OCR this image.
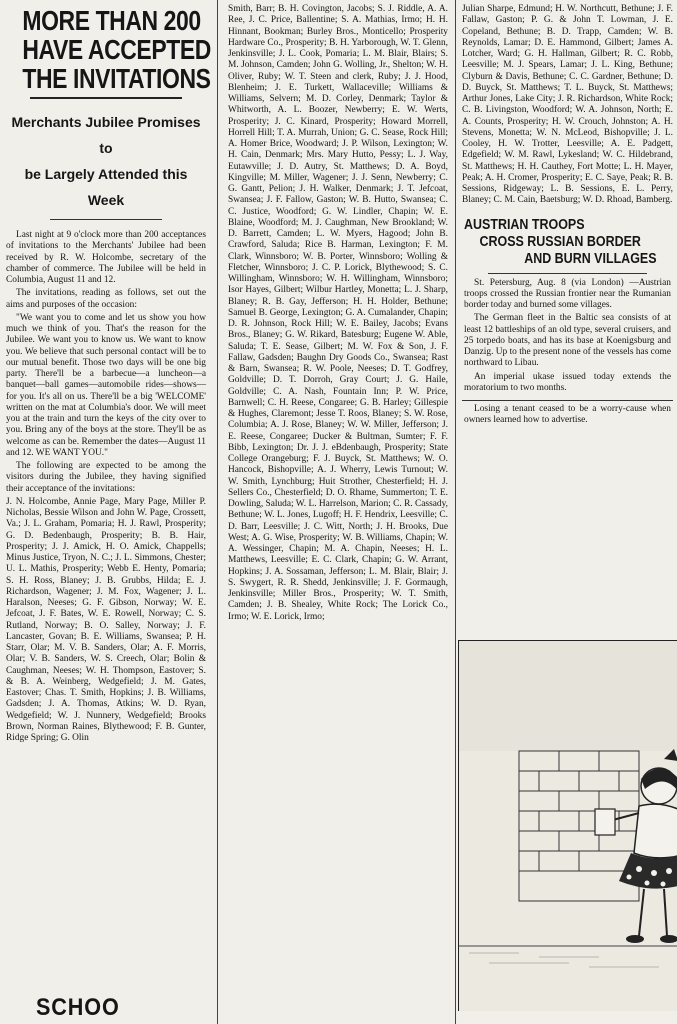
MORE THAN 200
HAVE ACCEPTED
THE INVITATIONS
Merchants Jubilee Promises to
be Largely Attended this
Week

Last night at 9 o'clock more than 200 acceptances of invitations to the Merchants' Jubilee had been received by R. W. Holcombe, secretary of the chamber of commerce. The Jubilee will be held in Columbia, August 11 and 12.

The invitations, reading as follows, set out the aims and purposes of the occasion:

"We want you to come and let us show you how much we think of you. That's the reason for the Jubilee. We want you to know us. We want to know you. We believe that such personal contact will be to our mutual benefit. Those two days will be one big party. There'll be a barbecue—a luncheon—a banquet—ball games—automobile rides—shows—for you. It's all on us. There'll be a big 'WELCOME' written on the mat at Columbia's door. We will meet you at the train and turn the keys of the city over to you. Bring any of the boys at the store. They'll be as welcome as can be. Remember the dates—August 11 and 12. WE WANT YOU."

The following are expected to be among the visitors during the Jubilee, they having signified their acceptance of the invitations:

J. N. Holcombe, Annie Page, Mary Page, Miller P. Nicholas, Bessie Wilson and John W. Page, Crossett, Va.; J. L. Graham, Pomaria; H. J. Rawl, Prosperity; G. D. Bedenbaugh, Prosperity; B. B. Hair, Prosperity; J. J. Amick, H. O. Amick, Chappells; Minus Justice, Tryon, N. C.; J. L. Simmons, Chester; U. L. Mathis, Prosperity; Webb E. Henty, Pomaria; S. H. Ross, Blaney; J. B. Grubbs, Hilda; E. J. Richardson, Wagener; J. M. Fox, Wagener; J. L. Haralson, Neeses; G. F. Gibson, Norway; W. E. Jefcoat, J. F. Bates, W. E. Rowell, Norway; C. S. Rutland, Norway; B. O. Salley, Norway; J. F. Lancaster, Govan; B. E. Williams, Swansea; P. H. Starr, Olar; M. V. B. Sanders, Olar; A. F. Morris, Olar; V. B. Sanders, W. S. Creech, Olar; Bolin & Caughman, Neeses; W. H. Thompson, Eastover; S. & B. A. Weinberg, Wedgefield; J. M. Gates, Eastover; Chas. T. Smith, Hopkins; J. B. Williams, Gadsden; J. A. Thomas, Atkins; W. D. Ryan, Wedgefield; W. J. Nunnery, Wedgefield; Brooks Brown, Norman Raines, Blythewood; F. B. Gunter, Ridge Spring; G. Olin

Smith, Barr; B. H. Covington, Jacobs; S. J. Riddle, A. A. Ree, J. C. Price, Ballentine; S. A. Mathias, Irmo; H. H. Hinnant, Bookman; Burley Bros., Monticello; Prosperity Hardware Co., Prosperity; B. H. Yarborough, W. T. Glenn, Jenkinsville; J. L. Cook, Pomaria; L. M. Blair, Blairs; S. M. Johnson, Camden; John G. Wolling, Jr., Shelton; W. H. Oliver, Ruby; W. T. Steen and clerk, Ruby; J. J. Hood, Blenheim; J. E. Turkett, Wallaceville; Williams & Williams, Selvern; M. D. Corley, Denmark; Taylor & Whitworth, A. L. Boozer, Newberry; E. W. Werts, Prosperity; J. C. Kinard, Prosperity; Howard Morrell, Horrell Hill; T. A. Murrah, Union; G. C. Sease, Rock Hill; A. Homer Brice, Woodward; J. P. Wilson, Lexington; W. H. Cain, Denmark; Mrs. Mary Hutto, Pessy; L. J. Way, Eutawville; J. D. Autry, St. Matthews; D. A. Boyd, Kingville; M. Miller, Wagener; J. J. Senn, Newberry; C. G. Gantt, Pelion; J. H. Walker, Denmark; J. T. Jefcoat, Swansea; J. F. Fallow, Gaston; W. B. Hutto, Swansea; C. C. Justice, Woodford; G. W. Lindler, Chapin; W. E. Blaine, Woodford; M. J. Caughman, New Brookland; W. D. Barrett, Camden; L. W. Myers, Hagood; John B. Crawford, Saluda; Rice B. Harman, Lexington; F. M. Clark, Winnsboro; W. B. Porter, Winnsboro; Wolling & Fletcher, Winnsboro; J. C. P. Lorick, Blythewood; S. C. Willingham, Winnsboro; W. H. Willingham, Winnsboro; Isor Hayes, Gilbert; Wilbur Hartley, Monetta; L. J. Sharp, Blaney; R. B. Gay, Jefferson; H. H. Holder, Bethune; Samuel B. George, Lexington; G. A. Cumalander, Chapin; D. R. Johnson, Rock Hill; W. E. Bailey, Jacobs; Evans Bros., Blaney; G. W. Rikard, Batesburg; Eugene W. Able, Saluda; T. E. Sease, Gilbert; M. W. Fox & Son, J. F. Fallaw, Gadsden; Baughn Dry Goods Co., Swansea; Rast & Barn, Swansea; R. W. Poole, Neeses; D. T. Godfrey, Goldville; D. T. Dorroh, Gray Court; J. G. Haile, Goldville; C. A. Nash, Fountain Inn; P. W. Price, Barnwell; C. H. Reese, Congaree; G. B. Harley; Gillespie & Hughes, Claremont; Jesse T. Roos, Blaney; S. W. Rose, Columbia; A. J. Rose, Blaney; W. W. Miller, Jefferson; J. E. Reese, Congaree; Ducker & Bultman, Sumter; F. F. Bibb, Lexington; Dr. J. J. eBdenbaugh, Prosperity; State College Orangeburg; F. J. Buyck, St. Matthews; W. O. Hancock, Bishopville; A. J. Wherry, Lewis Turnout; W. W. Smith, Lynchburg; Huit Strother, Chesterfield; H. J. Sellers Co., Chesterfield; D. O. Rhame, Summerton; T. E. Dowling, Saluda; W. L. Harrelson, Marion; C. R. Cassady, Bethune; W. L. Jones, Lugoff; H. F. Hendrix, Leesville; C. D. Barr, Leesville; J. C. Witt, North; J. H. Brooks, Due West; A. G. Wise, Prosperity; W. B. Williams, Chapin; W. A. Wessinger, Chapin; M. A. Chapin, Neeses; H. L. Matthews, Leesville; E. C. Clark, Chapin; G. W. Arrant, Hopkins; J. A. Sossaman, Jefferson; L. M. Blair, Blair; J. S. Swygert, R. R. Shedd, Jenkinsville; J. F. Gormaugh, Jenkinsville; Miller Bros., Prosperity; W. T. Smith, Camden; J. B. Shealey, White Rock; The Lorick Co., Irmo; W. E. Lorick, Irmo;
Julian Sharpe, Edmund; H. W. Northcutt, Bethune; J. F. Fallaw, Gaston; P. G. & John T. Lowman, J. E. Copeland, Bethune; B. D. Trapp, Camden; W. B. Reynolds, Lamar; D. E. Hammond, Gilbert; James A. Lotcher, Ward; G. H. Hallman, Gilbert; R. C. Robb, Leesville; M. J. Spears, Lamar; J. L. King, Bethune; Clyburn & Davis, Bethune; C. C. Gardner, Bethune; D. D. Buyck, St. Matthews; T. L. Buyck, St. Matthews; Arthur Jones, Lake City; J. R. Richardson, White Rock; C. B. Livingston, Woodford; W. A. Johnson, North; E. A. Counts, Prosperity; H. W. Crouch, Johnston; A. H. Stevens, Monetta; W. N. McLeod, Bishopville; J. L. Cooley, H. W. Trotter, Leesville; A. E. Padgett, Edgefield; W. M. Rawl, Lykesland; W. C. Hildebrand, St. Matthews; H. H. Cauthey, Fort Motte; L. H. Mayer, Peak; A. H. Cromer, Prosperity; E. C. Saye, Peak; R. B. Sessions, Ridgeway; L. B. Sessions, E. L. Perry, Blaney; C. M. Cain, Baetsburg; W. D. Rhoad, Bamberg.
AUSTRIAN TROOPS
CROSS RUSSIAN BORDER
AND BURN VILLAGES

St. Petersburg, Aug. 8 (via London) —Austrian troops crossed the Russian frontier near the Rumanian border today and burned some villages.

The German fleet in the Baltic sea consists of at least 12 battleships of an old type, several cruisers, and 25 torpedo boats, and has its base at Koenigsburg and Danzig. Up to the present none of the vessels has come northward to Libau.

An imperial ukase issued today extends the moratorium to two months.

Losing a tenant ceased to be a worry-cause when owners learned how to advertise.

SCHOO
